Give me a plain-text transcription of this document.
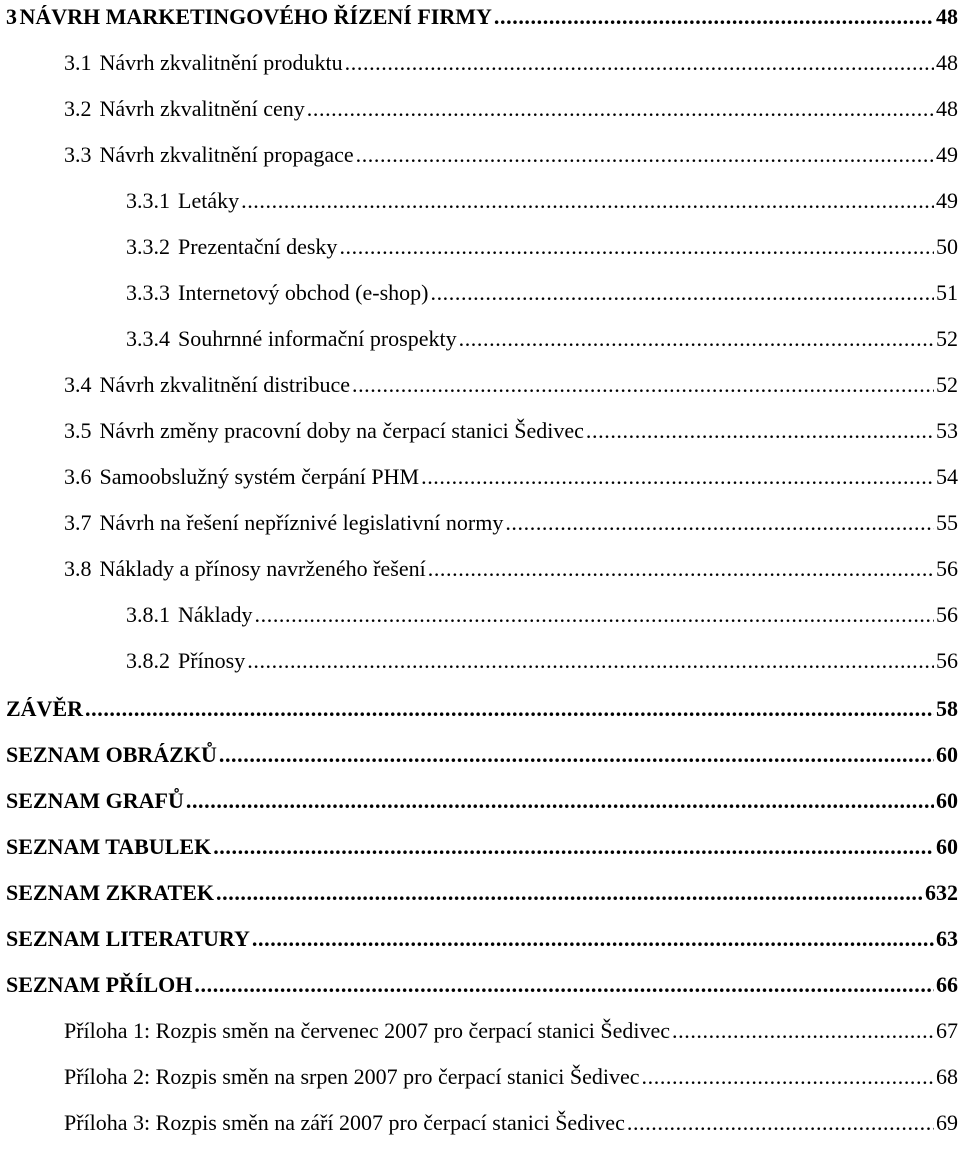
3 NÁVRH MARKETINGOVÉHO ŘÍZENÍ FIRMY .....	48
3.1 Návrh zkvalitnění produktu .....	48
3.2 Návrh zkvalitnění ceny .....	48
3.3 Návrh zkvalitnění propagace .....	49
3.3.1 Letáky .....	49
3.3.2 Prezentační desky .....	50
3.3.3 Internetový obchod (e-shop) .....	51
3.3.4 Souhrnné informační prospekty .....	52
3.4 Návrh zkvalitnění distribuce .....	52
3.5 Návrh změny pracovní doby na čerpací stanici Šedivec .....	53
3.6 Samoobslužný systém čerpání PHM .....	54
3.7 Návrh na řešení nepříznivé legislativní normy .....	55
3.8 Náklady a přínosy navrženého řešení .....	56
3.8.1 Náklady .....	56
3.8.2 Přínosy .....	56
ZÁVĚR .....	58
SEZNAM OBRÁZKŮ .....	60
SEZNAM GRAFŮ .....	60
SEZNAM TABULEK .....	60
SEZNAM ZKRATEK .....	632
SEZNAM LITERATURY .....	63
SEZNAM PŘÍLOH .....	66
Příloha 1: Rozpis směn na červenec 2007 pro čerpací stanici Šedivec .....	67
Příloha 2: Rozpis směn na srpen 2007 pro čerpací stanici Šedivec .....	68
Příloha 3: Rozpis směn na září 2007 pro čerpací stanici Šedivec .....	69
